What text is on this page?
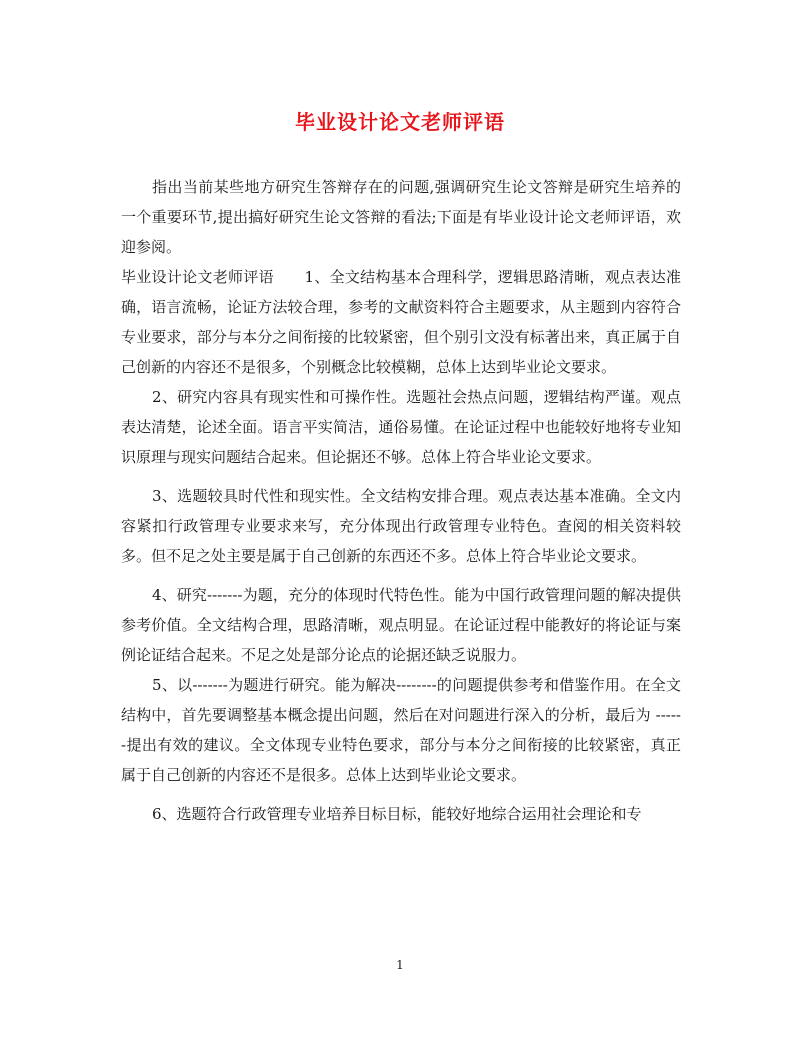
毕业设计论文老师评语

指出当前某些地方研究生答辩存在的问题,强调研究生论文答辩是研究生培养的一个重要环节,提出搞好研究生论文答辩的看法;下面是有毕业设计论文老师评语，欢迎参阅。

毕业设计论文老师评语　　1、全文结构基本合理科学，逻辑思路清晰，观点表达准确，语言流畅，论证方法较合理，参考的文献资料符合主题要求，从主题到内容符合专业要求，部分与本分之间衔接的比较紧密，但个别引文没有标著出来，真正属于自己创新的内容还不是很多，个别概念比较模糊，总体上达到毕业论文要求。

2、研究内容具有现实性和可操作性。选题社会热点问题，逻辑结构严谨。观点表达清楚，论述全面。语言平实简洁，通俗易懂。在论证过程中也能较好地将专业知识原理与现实问题结合起来。但论据还不够。总体上符合毕业论文要求。

3、选题较具时代性和现实性。全文结构安排合理。观点表达基本准确。全文内容紧扣行政管理专业要求来写，充分体现出行政管理专业特色。查阅的相关资料较多。但不足之处主要是属于自己创新的东西还不多。总体上符合毕业论文要求。

4、研究-------为题，充分的体现时代特色性。能为中国行政管理问题的解决提供参考价值。全文结构合理，思路清晰，观点明显。在论证过程中能教好的将论证与案例论证结合起来。不足之处是部分论点的论据还缺乏说服力。

5、以-------为题进行研究。能为解决--------的问题提供参考和借鉴作用。在全文结构中，首先要调整基本概念提出问题，然后在对问题进行深入的分析，最后为 ------提出有效的建议。全文体现专业特色要求，部分与本分之间衔接的比较紧密，真正属于自己创新的内容还不是很多。总体上达到毕业论文要求。

6、选题符合行政管理专业培养目标目标，能较好地综合运用社会理论和专

1
